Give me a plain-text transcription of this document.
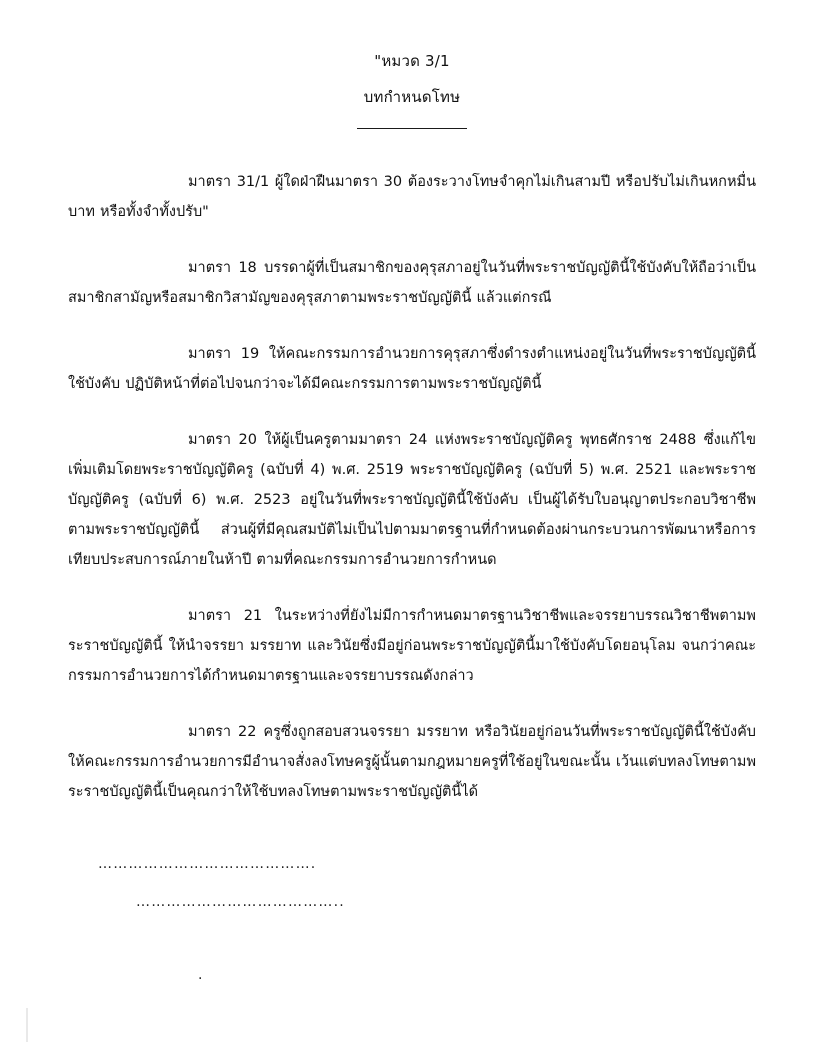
"หมวด 3/1
บทกำหนดโทษ
มาตรา 31/1 ผู้ใดฝ่าฝืนมาตรา 30 ต้องระวางโทษจำคุกไม่เกินสามปี หรือปรับไม่เกินหกหมื่นบาท หรือทั้งจำทั้งปรับ"
มาตรา 18 บรรดาผู้ที่เป็นสมาชิกของคุรุสภาอยู่ในวันที่พระราชบัญญัตินี้ใช้บังคับให้ถือว่าเป็นสมาชิกสามัญหรือสมาชิกวิสามัญของคุรุสภาตามพระราชบัญญัตินี้ แล้วแต่กรณี
มาตรา 19 ให้คณะกรรมการอำนวยการคุรุสภาซึ่งดำรงตำแหน่งอยู่ในวันที่พระราชบัญญัตินี้ใช้บังคับ ปฏิบัติหน้าที่ต่อไปจนกว่าจะได้มีคณะกรรมการตามพระราชบัญญัตินี้
มาตรา 20 ให้ผู้เป็นครูตามมาตรา 24 แห่งพระราชบัญญัติครู พุทธศักราช 2488 ซึ่งแก้ไขเพิ่มเติมโดยพระราชบัญญัติครู (ฉบับที่ 4) พ.ศ. 2519 พระราชบัญญัติครู (ฉบับที่ 5) พ.ศ. 2521 และพระราชบัญญัติครู (ฉบับที่ 6) พ.ศ. 2523 อยู่ในวันที่พระราชบัญญัตินี้ใช้บังคับ เป็นผู้ได้รับใบอนุญาตประกอบวิชาชีพตามพระราชบัญญัตินี้ ส่วนผู้ที่มีคุณสมบัติไม่เป็นไปตามมาตรฐานที่กำหนดต้องผ่านกระบวนการพัฒนาหรือการเทียบประสบการณ์ภายในห้าปี ตามที่คณะกรรมการอำนวยการกำหนด
มาตรา 21 ในระหว่างที่ยังไม่มีการกำหนดมาตรฐานวิชาชีพและจรรยาบรรณวิชาชีพตามพระราชบัญญัตินี้ ให้นำจรรยา มรรยาท และวินัยซึ่งมีอยู่ก่อนพระราชบัญญัตินี้มาใช้บังคับโดยอนุโลม จนกว่าคณะกรรมการอำนวยการได้กำหนดมาตรฐานและจรรยาบรรณดังกล่าว
มาตรา 22 ครูซึ่งถูกสอบสวนจรรยา มรรยาท หรือวินัยอยู่ก่อนวันที่พระราชบัญญัตินี้ใช้บังคับ ให้คณะกรรมการอำนวยการมีอำนาจสั่งลงโทษครูผู้นั้นตามกฎหมายครูที่ใช้อยู่ในขณะนั้น เว้นแต่บทลงโทษตามพระราชบัญญัตินี้เป็นคุณกว่าให้ใช้บทลงโทษตามพระราชบัญญัตินี้ได้
…………………………………….
…………………………………..
.
